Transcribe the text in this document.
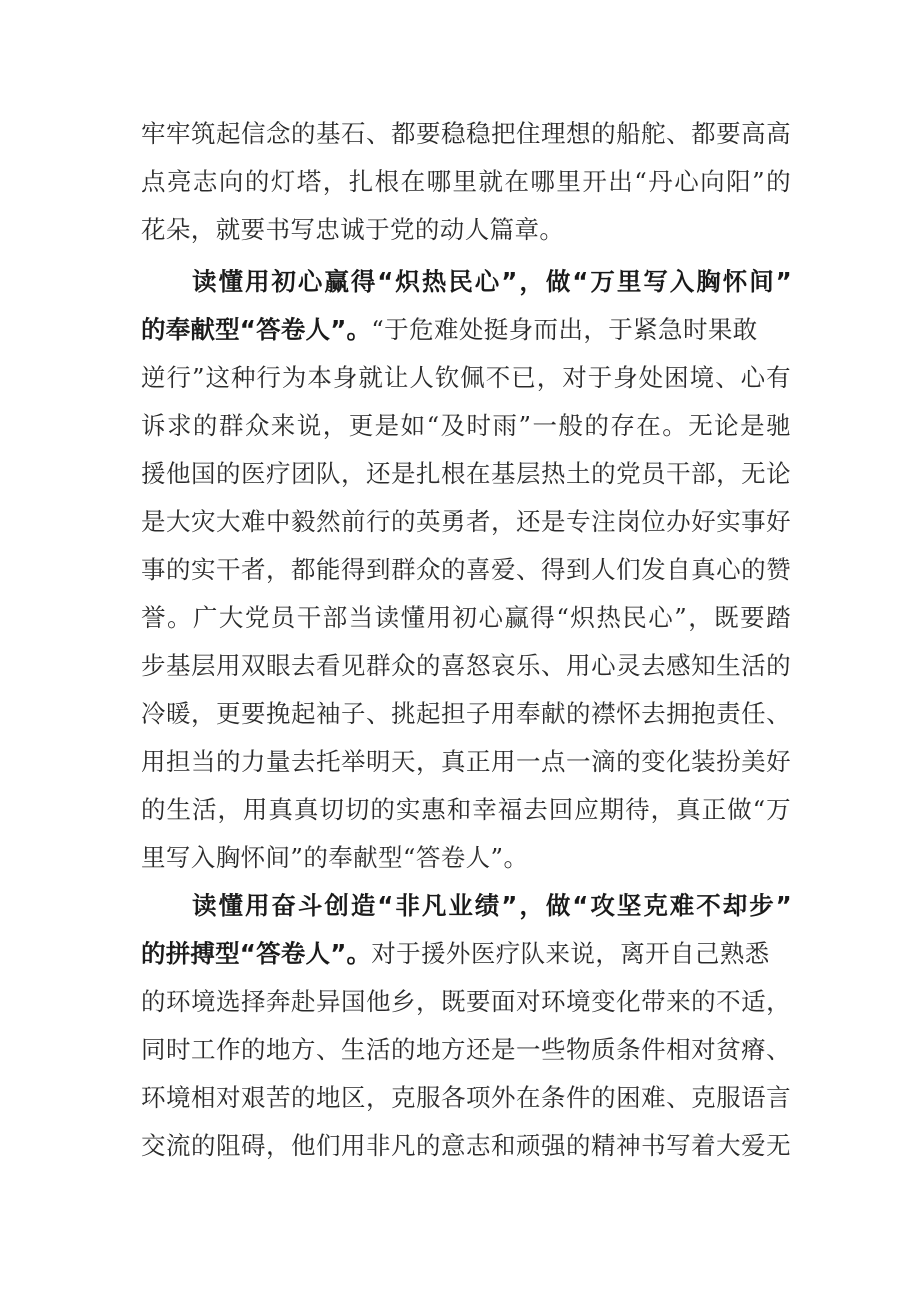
牢牢筑起信念的基石、都要稳稳把住理想的船舵、都要高高
点亮志向的灯塔，扎根在哪里就在哪里开出“丹心向阳”的
花朵，就要书写忠诚于党的动人篇章。
读懂用初心赢得“炽热民心”，做“万里写入胸怀间”
的奉献型“答卷人”。“于危难处挺身而出，于紧急时果敢
逆行”这种行为本身就让人钦佩不已，对于身处困境、心有
诉求的群众来说，更是如“及时雨”一般的存在。无论是驰
援他国的医疗团队，还是扎根在基层热土的党员干部，无论
是大灾大难中毅然前行的英勇者，还是专注岗位办好实事好
事的实干者，都能得到群众的喜爱、得到人们发自真心的赞
誉。广大党员干部当读懂用初心赢得“炽热民心”，既要踏
步基层用双眼去看见群众的喜怒哀乐、用心灵去感知生活的
冷暖，更要挽起袖子、挑起担子用奉献的襟怀去拥抱责任、
用担当的力量去托举明天，真正用一点一滴的变化装扮美好
的生活，用真真切切的实惠和幸福去回应期待，真正做“万
里写入胸怀间”的奉献型“答卷人”。
读懂用奋斗创造“非凡业绩”，做“攻坚克难不却步”
的拼搏型“答卷人”。对于援外医疗队来说，离开自己熟悉
的环境选择奔赴异国他乡，既要面对环境变化带来的不适，
同时工作的地方、生活的地方还是一些物质条件相对贫瘠、
环境相对艰苦的地区，克服各项外在条件的困难、克服语言
交流的阻碍，他们用非凡的意志和顽强的精神书写着大爱无
